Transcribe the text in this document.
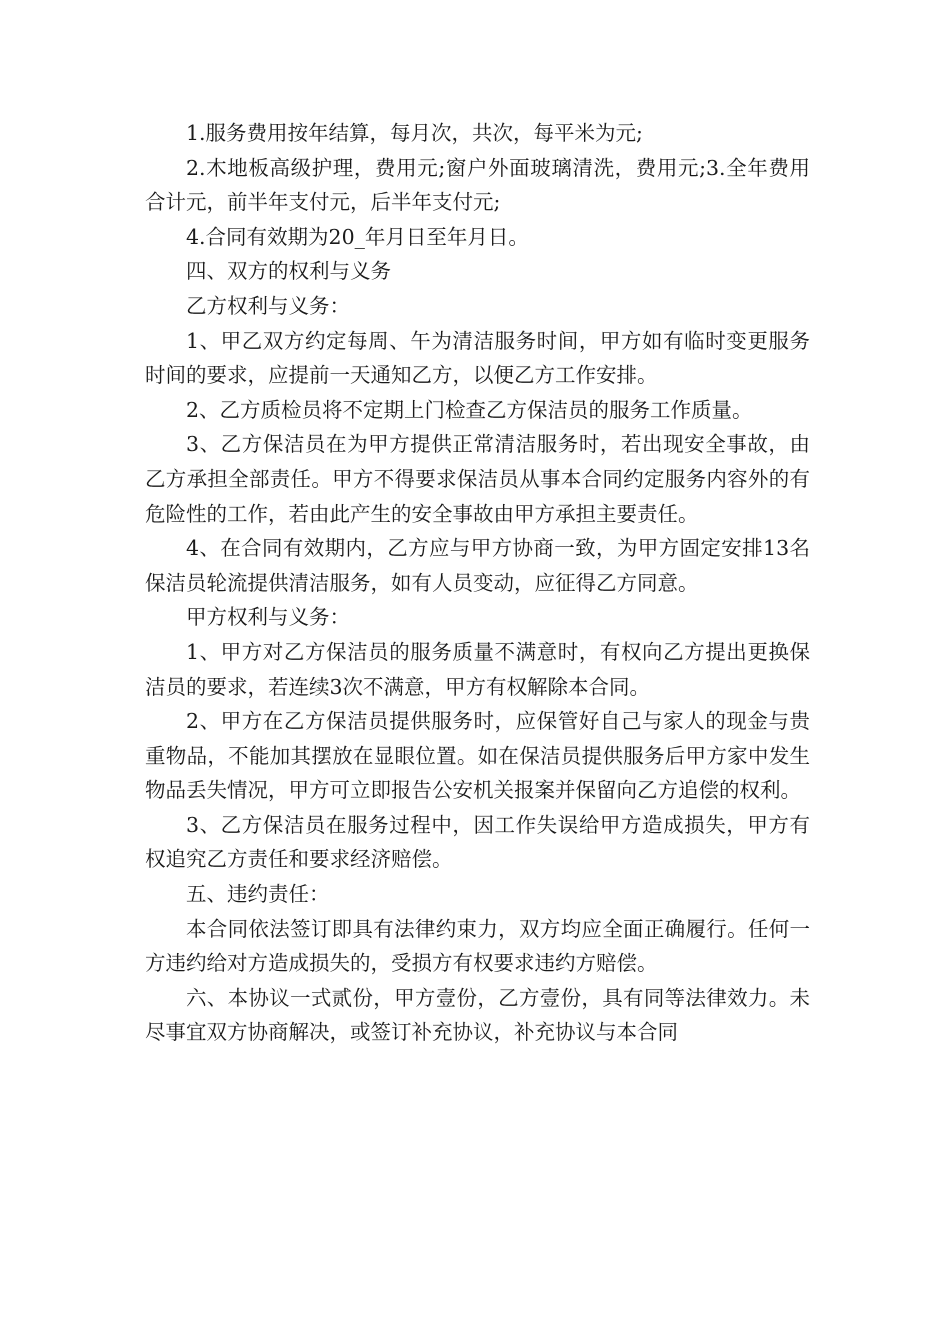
1.服务费用按年结算，每月次，共次，每平米为元;

2.木地板高级护理，费用元;窗户外面玻璃清洗，费用元;3.全年费用合计元，前半年支付元，后半年支付元;

4.合同有效期为20_年月日至年月日。

四、双方的权利与义务

乙方权利与义务：

1、甲乙双方约定每周、午为清洁服务时间，甲方如有临时变更服务时间的要求，应提前一天通知乙方，以便乙方工作安排。

2、乙方质检员将不定期上门检查乙方保洁员的服务工作质量。

3、乙方保洁员在为甲方提供正常清洁服务时，若出现安全事故，由乙方承担全部责任。甲方不得要求保洁员从事本合同约定服务内容外的有危险性的工作，若由此产生的安全事故由甲方承担主要责任。

4、在合同有效期内，乙方应与甲方协商一致，为甲方固定安排13名保洁员轮流提供清洁服务，如有人员变动，应征得乙方同意。

甲方权利与义务：

1、甲方对乙方保洁员的服务质量不满意时，有权向乙方提出更换保洁员的要求，若连续3次不满意，甲方有权解除本合同。

2、甲方在乙方保洁员提供服务时，应保管好自己与家人的现金与贵重物品，不能加其摆放在显眼位置。如在保洁员提供服务后甲方家中发生物品丢失情况，甲方可立即报告公安机关报案并保留向乙方追偿的权利。

3、乙方保洁员在服务过程中，因工作失误给甲方造成损失，甲方有权追究乙方责任和要求经济赔偿。

五、违约责任：

本合同依法签订即具有法律约束力，双方均应全面正确履行。任何一方违约给对方造成损失的，受损方有权要求违约方赔偿。

六、本协议一式贰份，甲方壹份，乙方壹份，具有同等法律效力。未尽事宜双方协商解决，或签订补充协议，补充协议与本合同
